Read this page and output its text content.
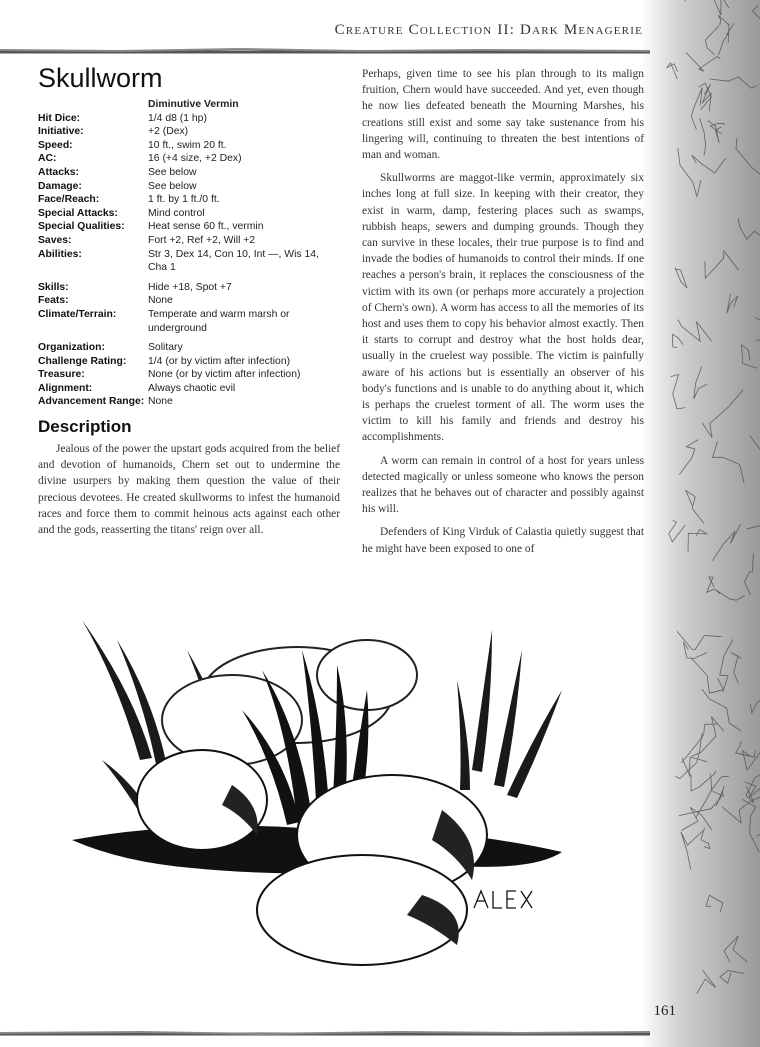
Creature Collection II: Dark Menagerie
Skullworm
	Diminutive Vermin
Hit Dice:	1/4 d8 (1 hp)
Initiative:	+2 (Dex)
Speed:	10 ft., swim 20 ft.
AC:	16 (+4 size, +2 Dex)
Attacks:	See below
Damage:	See below
Face/Reach:	1 ft. by 1 ft./0 ft.
Special Attacks:	Mind control
Special Qualities:	Heat sense 60 ft., vermin
Saves:	Fort +2, Ref +2, Will +2
Abilities:	Str 3, Dex 14, Con 10, Int —, Wis 14, Cha 1
Skills:	Hide +18, Spot +7
Feats:	None
Climate/Terrain:	Temperate and warm marsh or underground
Organization:	Solitary
Challenge Rating:	1/4 (or by victim after infection)
Treasure:	None (or by victim after infection)
Alignment:	Always chaotic evil
Advancement Range:	None
Description

Jealous of the power the upstart gods acquired from the belief and devotion of humanoids, Chern set out to undermine the divine usurpers by making them question the value of their precious devotees. He created skullworms to infest the humanoid races and force them to commit heinous acts against each other and the gods, reasserting the titans' reign over all.

Perhaps, given time to see his plan through to its malign fruition, Chern would have succeeded. And yet, even though he now lies defeated beneath the Mourning Marshes, his creations still exist and some say take sustenance from his lingering will, continuing to threaten the best intentions of man and woman.

Skullworms are maggot-like vermin, approximately six inches long at full size. In keeping with their creator, they exist in warm, damp, festering places such as swamps, rubbish heaps, sewers and dumping grounds. Though they can survive in these locales, their true purpose is to find and invade the bodies of humanoids to control their minds. If one reaches a person's brain, it replaces the consciousness of the victim with its own (or perhaps more accurately a projection of Chern's own). A worm has access to all the memories of its host and uses them to copy his behavior almost exactly. Then it starts to corrupt and destroy what the host holds dear, usually in the cruelest way possible. The victim is painfully aware of his actions but is essentially an observer of his body's functions and is unable to do anything about it, which is perhaps the cruelest torment of all. The worm uses the victim to kill his family and friends and destroy his accomplishments.

A worm can remain in control of a host for years unless detected magically or unless someone who knows the person realizes that he behaves out of character and possibly against his will.

Defenders of King Virduk of Calastia quietly suggest that he might have been exposed to one of

161
